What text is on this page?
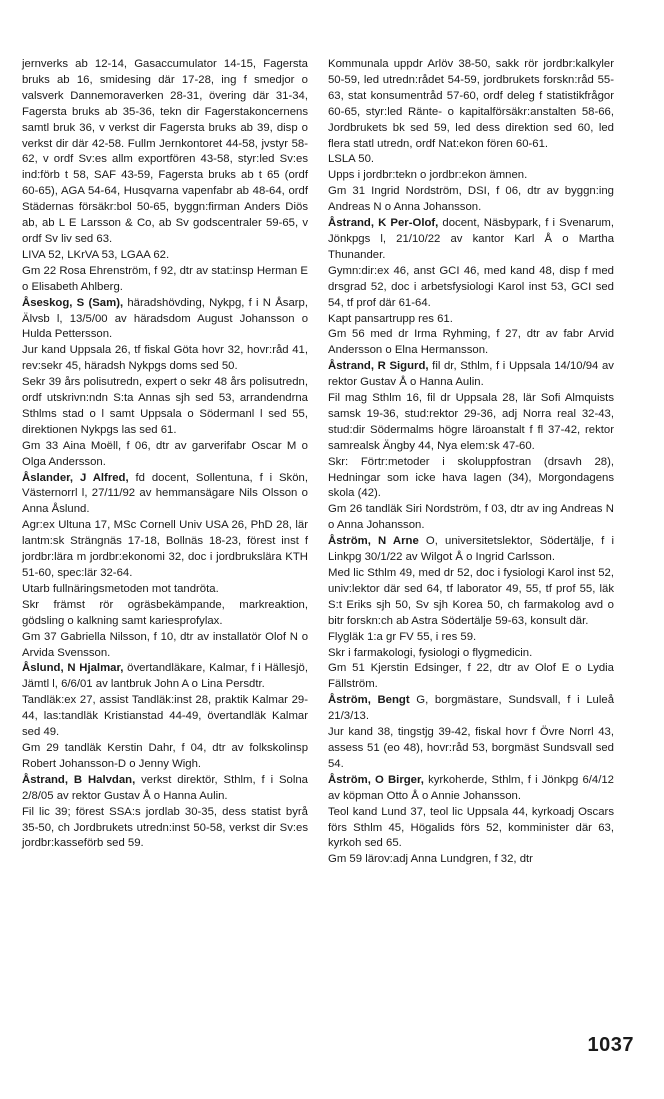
jernverks ab 12-14, Gasaccumulator 14-15, Fagersta bruks ab 16, smidesing där 17-28, ing f smedjor o valsverk Dannemoraverken 28-31, övering där 31-34, Fagersta bruks ab 35-36, tekn dir Fagerstakoncernens samtl bruk 36, v verkst dir Fagersta bruks ab 39, disp o verkst dir där 42-58. Fullm Jernkontoret 44-58, jvstyr 58-62, v ordf Sv:es allm exportfören 43-58, styr:led Sv:es ind:förb t 58, SAF 43-59, Fagersta bruks ab t 65 (ordf 60-65), AGA 54-64, Husqvarna vapenfabr ab 48-64, ordf Städernas försäkr:bol 50-65, byggn:firman Anders Diös ab, ab L E Larsson & Co, ab Sv godscentraler 59-65, v ordf Sv liv sed 63.

LIVA 52, LKrVA 53, LGAA 62.

Gm 22 Rosa Ehrenström, f 92, dtr av stat:insp Herman E o Elisabeth Ahlberg.

Åseskog, S (Sam), häradshövding, Nykpg, f i N Åsarp, Älvsb l, 13/5/00 av häradsdom August Johansson o Hulda Pettersson.

Jur kand Uppsala 26, tf fiskal Göta hovr 32, hovr:råd 41, rev:sekr 45, häradsh Nykpgs doms sed 50.

Sekr 39 års polisutredn, expert o sekr 48 års polisutredn, ordf utskrivn:ndn S:ta Annas sjh sed 53, arrandendrna Sthlms stad o l samt Uppsala o Södermanl l sed 55, direktionen Nykpgs las sed 61.

Gm 33 Aina Moëll, f 06, dtr av garverifabr Oscar M o Olga Andersson.

Åslander, J Alfred, fd docent, Sollentuna, f i Skön, Västernorrl l, 27/11/92 av hemmansägare Nils Olsson o Anna Åslund.

Agr:ex Ultuna 17, MSc Cornell Univ USA 26, PhD 28, lär lantm:sk Strängnäs 17-18, Bollnäs 18-23, förest inst f jordbr:lära m jordbr:ekonomi 32, doc i jordbrukslära KTH 51-60, spec:lär 32-64.

Utarb fullnäringsmetoden mot tandröta.

Skr främst rör ogräsbekämpande, markreaktion, gödsling o kalkning samt kariesprofylax.

Gm 37 Gabriella Nilsson, f 10, dtr av installatör Olof N o Arvida Svensson.

Åslund, N Hjalmar, övertandläkare, Kalmar, f i Hällesjö, Jämtl l, 6/6/01 av lantbruk John A o Lina Persdtr.

Tandläk:ex 27, assist Tandläk:inst 28, praktik Kalmar 29-44, las:tandläk Kristianstad 44-49, övertandläk Kalmar sed 49.

Gm 29 tandläk Kerstin Dahr, f 04, dtr av folkskolinsp Robert Johansson-D o Jenny Wigh.

Åstrand, B Halvdan, verkst direktör, Sthlm, f i Solna 2/8/05 av rektor Gustav Å o Hanna Aulin.

Fil lic 39; förest SSA:s jordlab 30-35, dess statist byrå 35-50, ch Jordbrukets utredn:inst 50-58, verkst dir Sv:es jordbr:kasseförb sed 59.

Kommunala uppdr Arlöv 38-50, sakk rör jordbr:kalkyler 50-59, led utredn:rådet 54-59, jordbrukets forskn:råd 55-63, stat konsumentråd 57-60, ordf deleg f statistikfrågor 60-65, styr:led Ränte- o kapitalförsäkr:anstalten 58-66, Jordbrukets bk sed 59, led dess direktion sed 60, led flera statl utredn, ordf Nat:ekon fören 60-61.

LSLA 50.

Upps i jordbr:tekn o jordbr:ekon ämnen.

Gm 31 Ingrid Nordström, DSI, f 06, dtr av byggn:ing Andreas N o Anna Johansson.

Åstrand, K Per-Olof, docent, Näsbypark, f i Svenarum, Jönkpgs l, 21/10/22 av kantor Karl Å o Martha Thunander.

Gymn:dir:ex 46, anst GCI 46, med kand 48, disp f med drsgrad 52, doc i arbetsfysiologi Karol inst 53, GCI sed 54, tf prof där 61-64.

Kapt pansartrupp res 61.

Gm 56 med dr Irma Ryhming, f 27, dtr av fabr Arvid Andersson o Elna Hermansson.

Åstrand, R Sigurd, fil dr, Sthlm, f i Uppsala 14/10/94 av rektor Gustav Å o Hanna Aulin.

Fil mag Sthlm 16, fil dr Uppsala 28, lär Sofi Almquists samsk 19-36, stud:rektor 29-36, adj Norra real 32-43, stud:dir Södermalms högre läroanstalt f fl 37-42, rektor samrealsk Ängby 44, Nya elem:sk 47-60.

Skr: Förtr:metoder i skoluppfostran (drsavh 28), Hedningar som icke hava lagen (34), Morgondagens skola (42).

Gm 26 tandläk Siri Nordström, f 03, dtr av ing Andreas N o Anna Johansson.

Åström, N Arne O, universitetslektor, Södertälje, f i Linkpg 30/1/22 av Wilgot Å o Ingrid Carlsson.

Med lic Sthlm 49, med dr 52, doc i fysiologi Karol inst 52, univ:lektor där sed 64, tf laborator 49, 55, tf prof 55, läk S:t Eriks sjh 50, Sv sjh Korea 50, ch farmakolog avd o bitr forskn:ch ab Astra Södertälje 59-63, konsult där.

Flygläk 1:a gr FV 55, i res 59.

Skr i farmakologi, fysiologi o flygmedicin.

Gm 51 Kjerstin Edsinger, f 22, dtr av Olof E o Lydia Fällström.

Åström, Bengt G, borgmästare, Sundsvall, f i Luleå 21/3/13.

Jur kand 38, tingstjg 39-42, fiskal hovr f Övre Norrl 43, assess 51 (eo 48), hovr:råd 53, borgmäst Sundsvall sed 54.

Åström, O Birger, kyrkoherde, Sthlm, f i Jönkpg 6/4/12 av köpman Otto Å o Annie Johansson.

Teol kand Lund 37, teol lic Uppsala 44, kyrkoadj Oscars förs Sthlm 45, Högalids förs 52, komminister där 63, kyrkoh sed 65.

Gm 59 lärov:adj Anna Lundgren, f 32, dtr

1037
